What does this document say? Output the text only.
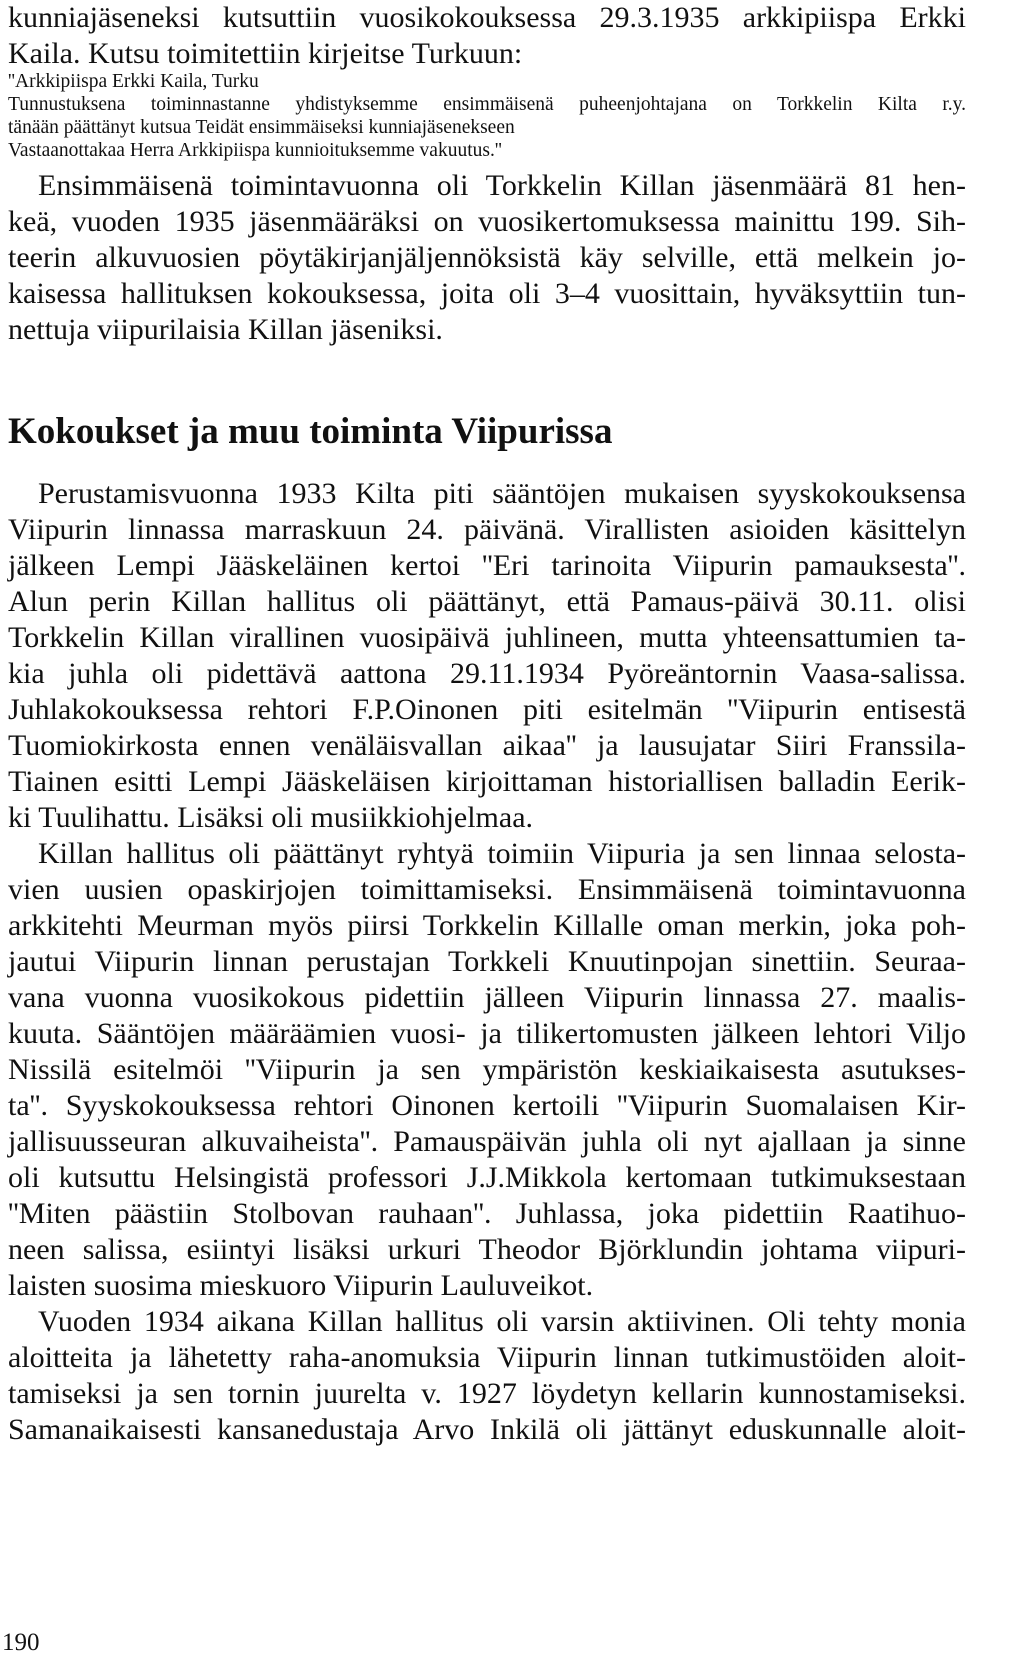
kunniajäseneksi kutsuttiin vuosikokouksessa 29.3.1935 arkkipiispa Erkki
Kaila. Kutsu toimitettiin kirjeitse Turkuun:
''Arkkipiispa Erkki Kaila, Turku
Tunnustuksena toiminnastanne yhdistyksemme ensimmäisenä puheenjohtajana on Torkkelin Kilta r.y.
tänään päättänyt kutsua Teidät ensimmäiseksi kunniajäsenekseen
Vastaanottakaa Herra Arkkipiispa kunnioituksemme vakuutus.''
Ensimmäisenä toimintavuonna oli Torkkelin Killan jäsenmäärä 81 hen-
keä, vuoden 1935 jäsenmääräksi on vuosikertomuksessa mainittu 199. Sih-
teerin alkuvuosien pöytäkirjanjäljennöksistä käy selville, että melkein jo-
kaisessa hallituksen kokouksessa, joita oli 3–4 vuosittain, hyväksyttiin tun-
nettuja viipurilaisia Killan jäseniksi.
Kokoukset ja muu toiminta Viipurissa
Perustamisvuonna 1933 Kilta piti sääntöjen mukaisen syyskokouksensa
Viipurin linnassa marraskuun 24. päivänä. Virallisten asioiden käsittelyn
jälkeen Lempi Jääskeläinen kertoi ''Eri tarinoita Viipurin pamauksesta''.
Alun perin Killan hallitus oli päättänyt, että Pamaus-päivä 30.11. olisi
Torkkelin Killan virallinen vuosipäivä juhlineen, mutta yhteensattumien ta-
kia juhla oli pidettävä aattona 29.11.1934 Pyöreäntornin Vaasa-salissa.
Juhlakokouksessa rehtori F.P.Oinonen piti esitelmän ''Viipurin entisestä
Tuomiokirkosta ennen venäläisvallan aikaa'' ja lausujatar Siiri Franssila-
Tiainen esitti Lempi Jääskeläisen kirjoittaman historiallisen balladin Eerik-
ki Tuulihattu. Lisäksi oli musiikkiohjelmaa.
Killan hallitus oli päättänyt ryhtyä toimiin Viipuria ja sen linnaa selosta-
vien uusien opaskirjojen toimittamiseksi. Ensimmäisenä toimintavuonna
arkkitehti Meurman myös piirsi Torkkelin Killalle oman merkin, joka poh-
jautui Viipurin linnan perustajan Torkkeli Knuutinpojan sinettiin. Seuraa-
vana vuonna vuosikokous pidettiin jälleen Viipurin linnassa 27. maalis-
kuuta. Sääntöjen määräämien vuosi- ja tilikertomusten jälkeen lehtori Viljo
Nissilä esitelmöi ''Viipurin ja sen ympäristön keskiaikaisesta asutukses-
ta''. Syyskokouksessa rehtori Oinonen kertoili ''Viipurin Suomalaisen Kir-
jallisuusseuran alkuvaiheista''. Pamauspäivän juhla oli nyt ajallaan ja sinne
oli kutsuttu Helsingistä professori J.J.Mikkola kertomaan tutkimuksestaan
''Miten päästiin Stolbovan rauhaan''. Juhlassa, joka pidettiin Raatihuo-
neen salissa, esiintyi lisäksi urkuri Theodor Björklundin johtama viipuri-
laisten suosima mieskuoro Viipurin Lauluveikot.
Vuoden 1934 aikana Killan hallitus oli varsin aktiivinen. Oli tehty monia
aloitteita ja lähetetty raha-anomuksia Viipurin linnan tutkimustöiden aloit-
tamiseksi ja sen tornin juurelta v. 1927 löydetyn kellarin kunnostamiseksi.
Samanaikaisesti kansanedustaja Arvo Inkilä oli jättänyt eduskunnalle aloit-
190
